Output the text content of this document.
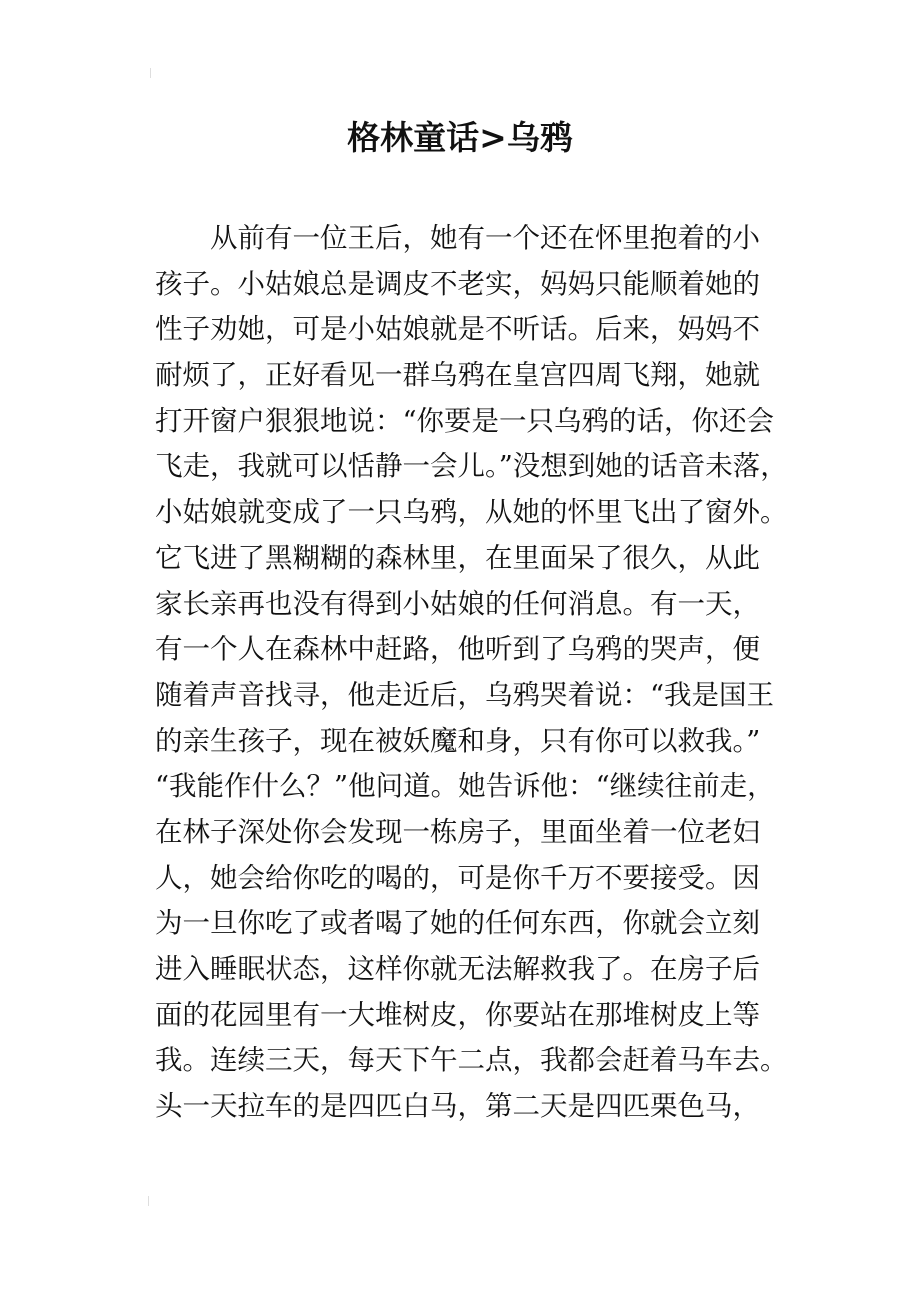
格林童话>乌鸦
从前有一位王后，她有一个还在怀里抱着的小
孩子。小姑娘总是调皮不老实，妈妈只能顺着她的
性子劝她，可是小姑娘就是不听话。后来，妈妈不
耐烦了，正好看见一群乌鸦在皇宫四周飞翔，她就
打开窗户狠狠地说：“你要是一只乌鸦的话，你还会
飞走，我就可以恬静一会儿。”没想到她的话音未落，
小姑娘就变成了一只乌鸦，从她的怀里飞出了窗外。
它飞进了黑糊糊的森林里，在里面呆了很久，从此
家长亲再也没有得到小姑娘的任何消息。有一天，
有一个人在森林中赶路，他听到了乌鸦的哭声，便
随着声音找寻，他走近后，乌鸦哭着说：“我是国王
的亲生孩子，现在被妖魔和身，只有你可以救我。”
“我能作什么？”他问道。她告诉他：“继续往前走，
在林子深处你会发现一栋房子，里面坐着一位老妇
人，她会给你吃的喝的，可是你千万不要接受。因
为一旦你吃了或者喝了她的任何东西，你就会立刻
进入睡眠状态，这样你就无法解救我了。在房子后
面的花园里有一大堆树皮，你要站在那堆树皮上等
我。连续三天，每天下午二点，我都会赶着马车去。
头一天拉车的是四匹白马，第二天是四匹栗色马，
